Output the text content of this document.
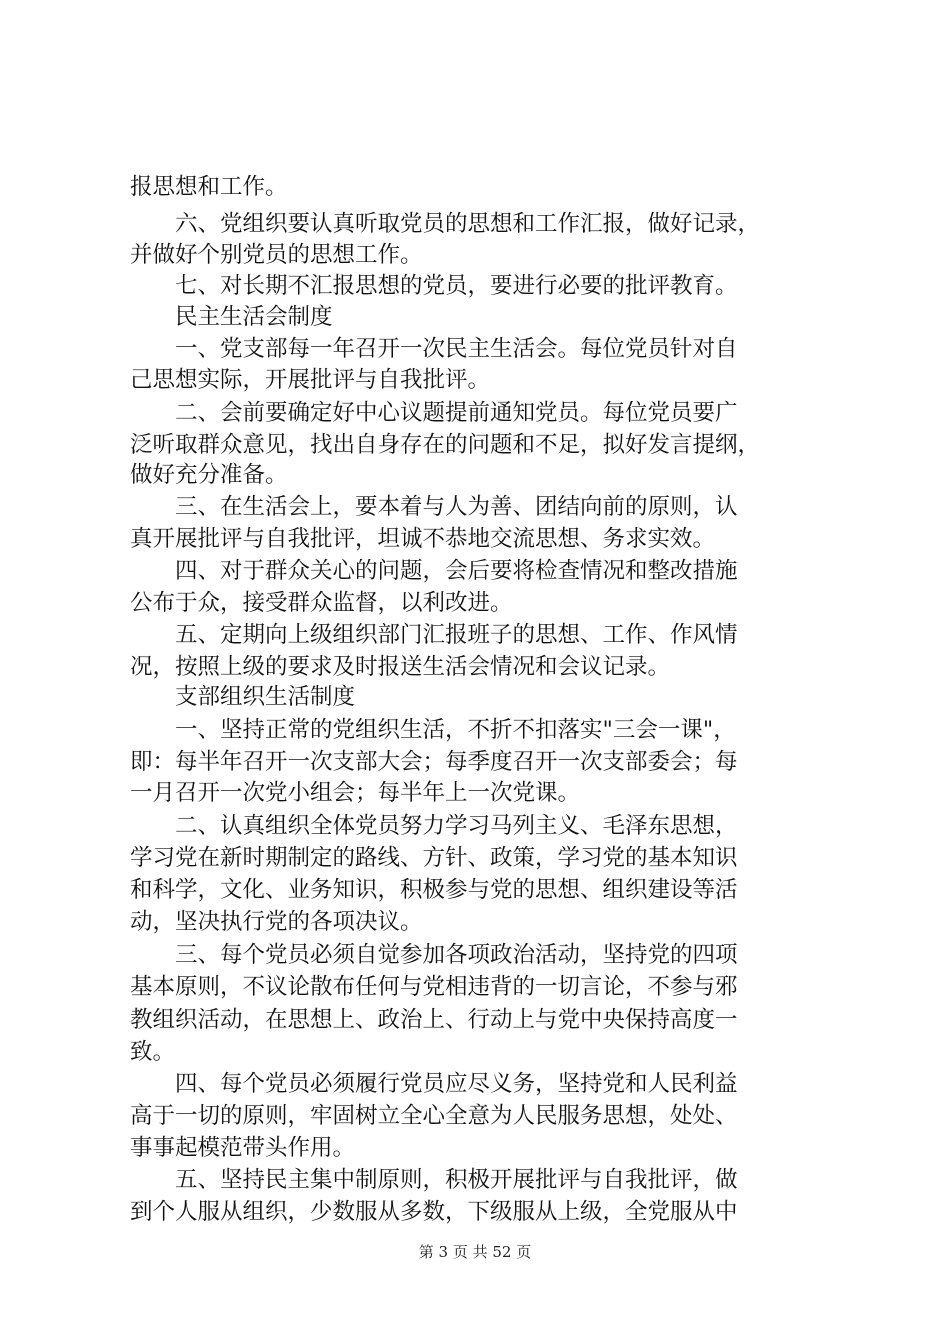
报思想和工作。
六、党组织要认真听取党员的思想和工作汇报，做好记录，
并做好个别党员的思想工作。
七、对长期不汇报思想的党员，要进行必要的批评教育。
民主生活会制度
一、党支部每一年召开一次民主生活会。每位党员针对自
己思想实际，开展批评与自我批评。
二、会前要确定好中心议题提前通知党员。每位党员要广
泛听取群众意见，找出自身存在的问题和不足，拟好发言提纲，
做好充分准备。
三、在生活会上，要本着与人为善、团结向前的原则，认
真开展批评与自我批评，坦诚不恭地交流思想、务求实效。
四、对于群众关心的问题，会后要将检查情况和整改措施
公布于众，接受群众监督，以利改进。
五、定期向上级组织部门汇报班子的思想、工作、作风情
况，按照上级的要求及时报送生活会情况和会议记录。
支部组织生活制度
一、坚持正常的党组织生活，不折不扣落实"三会一课"，
即：每半年召开一次支部大会；每季度召开一次支部委会；每
一月召开一次党小组会；每半年上一次党课。
二、认真组织全体党员努力学习马列主义、毛泽东思想，
学习党在新时期制定的路线、方针、政策，学习党的基本知识
和科学，文化、业务知识，积极参与党的思想、组织建设等活
动，坚决执行党的各项决议。
三、每个党员必须自觉参加各项政治活动，坚持党的四项
基本原则，不议论散布任何与党相违背的一切言论，不参与邪
教组织活动，在思想上、政治上、行动上与党中央保持高度一
致。
四、每个党员必须履行党员应尽义务，坚持党和人民利益
高于一切的原则，牢固树立全心全意为人民服务思想，处处、
事事起模范带头作用。
五、坚持民主集中制原则，积极开展批评与自我批评，做
到个人服从组织，少数服从多数，下级服从上级，全党服从中
第 3 页 共 52 页
